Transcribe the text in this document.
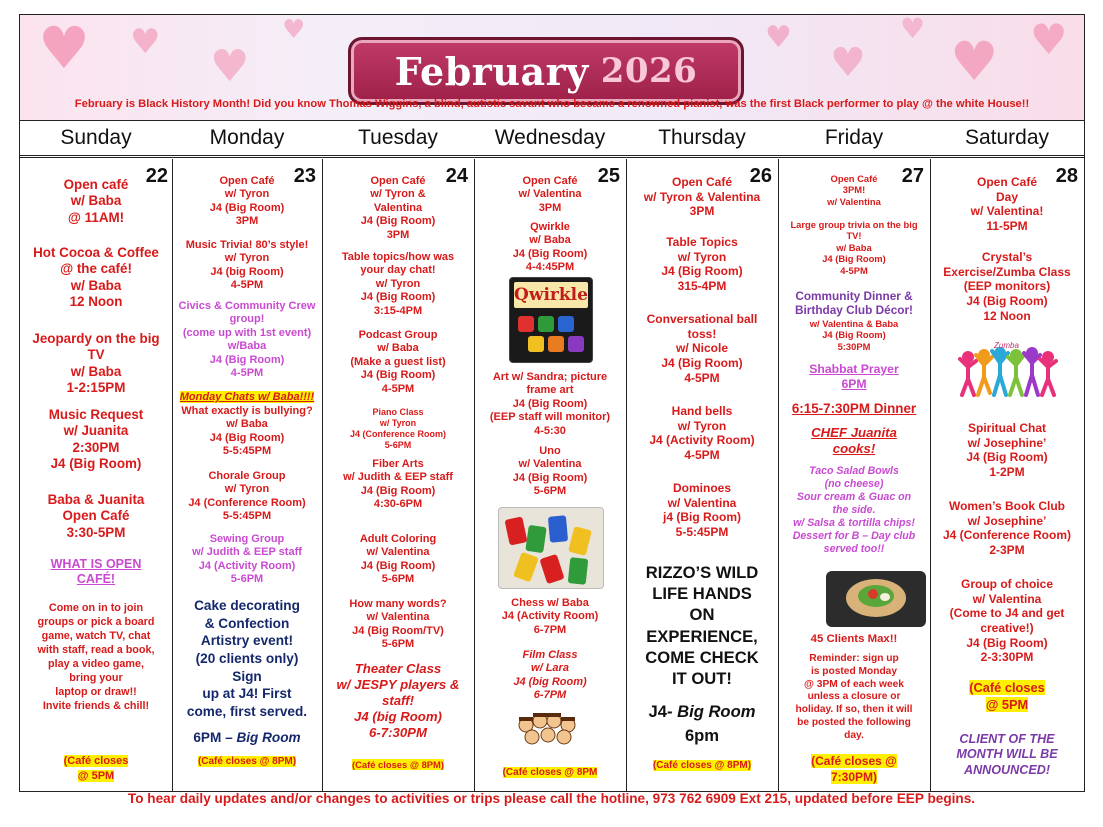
♥ ♥ ♥
♥	♥
♥
♥
♥ ♥
February 2026
February is Black History Month! Did you know Thomas Wiggins, a blind, autistic savant who became a renowned pianist, was the first Black performer to play @ the white House!!
Sunday	Monday	Tuesday	Wednesday	Thursday	Friday	Saturday
22
Open café
w/ Baba
@ 11AM!
Hot Cocoa & Coffee
@ the café!
w/ Baba
12 Noon
Jeopardy on the big
TV
w/ Baba
1-2:15PM
Music Request
w/ Juanita
2:30PM
J4 (Big Room)
Baba & Juanita
Open Café
3:30-5PM
WHAT IS OPEN
CAFÉ!
Come on in to join
groups or pick a board
game, watch TV, chat
with staff, read a book,
play a video game,
bring your
laptop or draw!!
Invite friends & chill!

(Café closes
@ 5PM

23
Open Café
w/ Tyron
J4 (Big Room)
3PM
Music Trivia! 80’s style!
w/ Tyron
J4 (big Room)
4-5PM
Civics & Community Crew
group!
(come up with 1st event)
w/Baba
J4 (Big Room)
4-5PM
Monday Chats w/ Baba!!!!
What exactly is bullying?
w/ Baba
J4 (Big Room)
5-5:45PM
Chorale Group
w/ Tyron
J4 (Conference Room)
5-5:45PM
Sewing Group
w/ Judith & EEP staff
J4 (Activity Room)
5-6PM
Cake decorating
& Confection
Artistry event!
(20 clients only)
Sign
up at J4! First
come, first served.
6PM – Big Room
(Café closes @ 8PM)
24
Open Café
w/ Tyron &
Valentina
J4 (Big Room)
3PM
Table topics/how was
your day chat!
w/ Tyron
J4 (Big Room)
3:15-4PM
Podcast Group
w/ Baba
(Make a guest list)
J4 (Big Room)
4-5PM
Piano Class
w/ Tyron
J4 (Conference Room)
5-6PM
Fiber Arts
w/ Judith & EEP staff
J4 (Big Room)
4:30-6PM
Adult Coloring
w/ Valentina
J4 (Big Room)
5-6PM
How many words?
w/ Valentina
J4 (Big Room/TV)
5-6PM
Theater Class
w/ JESPY players &
staff!
J4 (big Room)
6-7:30PM
(Café closes @ 8PM)
25
Open Café
w/ Valentina
3PM
Qwirkle
w/ Baba
J4 (Big Room)
4-4:45PM
Qwirkle
Art w/ Sandra; picture
frame art
J4 (Big Room)
(EEP staff will monitor)
4-5:30
Uno
w/ Valentina
J4 (Big Room)
5-6PM
Chess w/ Baba
J4 (Activity Room)
6-7PM
Film Class
w/ Lara
J4 (big Room)
6-7PM
(Café closes @ 8PM
26
Open Café
w/ Tyron & Valentina
3PM
Table Topics
w/ Tyron
J4 (Big Room)
315-4PM
Conversational ball
toss!
w/ Nicole
J4 (Big Room)
4-5PM
Hand bells
w/ Tyron
J4 (Activity Room)
4-5PM
Dominoes
w/ Valentina
j4 (Big Room)
5-5:45PM
RIZZO’S WILD
LIFE HANDS
ON
EXPERIENCE,
COME CHECK
IT OUT!
J4- Big Room
6pm
(Café closes @ 8PM)
27
Open Café
3PM!
w/ Valentina
Large group trivia on the big
TV!
w/ Baba
J4 (Big Room)
4-5PM
Community Dinner &
Birthday Club Décor!
w/ Valentina & Baba
J4 (Big Room)
5:30PM
Shabbat Prayer
6PM
6:15-7:30PM Dinner
CHEF Juanita
cooks!
Taco Salad Bowls
(no cheese)
Sour cream & Guac on
the side.
w/ Salsa & tortilla chips!
Dessert for B – Day club
served too!!
45 Clients Max!!
Reminder: sign up
is posted Monday
@ 3PM of each week
unless a closure or
holiday. If so, then it will
be posted the following
day.
(Café closes @
7:30PM)
28
Open Café
Day
w/ Valentina!
11-5PM
Crystal’s
Exercise/Zumba Class
(EEP monitors)
J4 (Big Room)
12 Noon
Zumba
Spiritual Chat
w/ Josephine’
J4 (Big Room)
1-2PM
Women’s Book Club
w/ Josephine’
J4 (Conference Room)
2-3PM
Group of choice
w/ Valentina
(Come to J4 and get
creative!)
J4 (Big Room)
2-3:30PM
(Café closes
@ 5PM
CLIENT OF THE
MONTH WILL BE
ANNOUNCED!
To hear daily updates and/or changes to activities or trips please call the hotline, 973 762 6909 Ext 215, updated before EEP begins.
